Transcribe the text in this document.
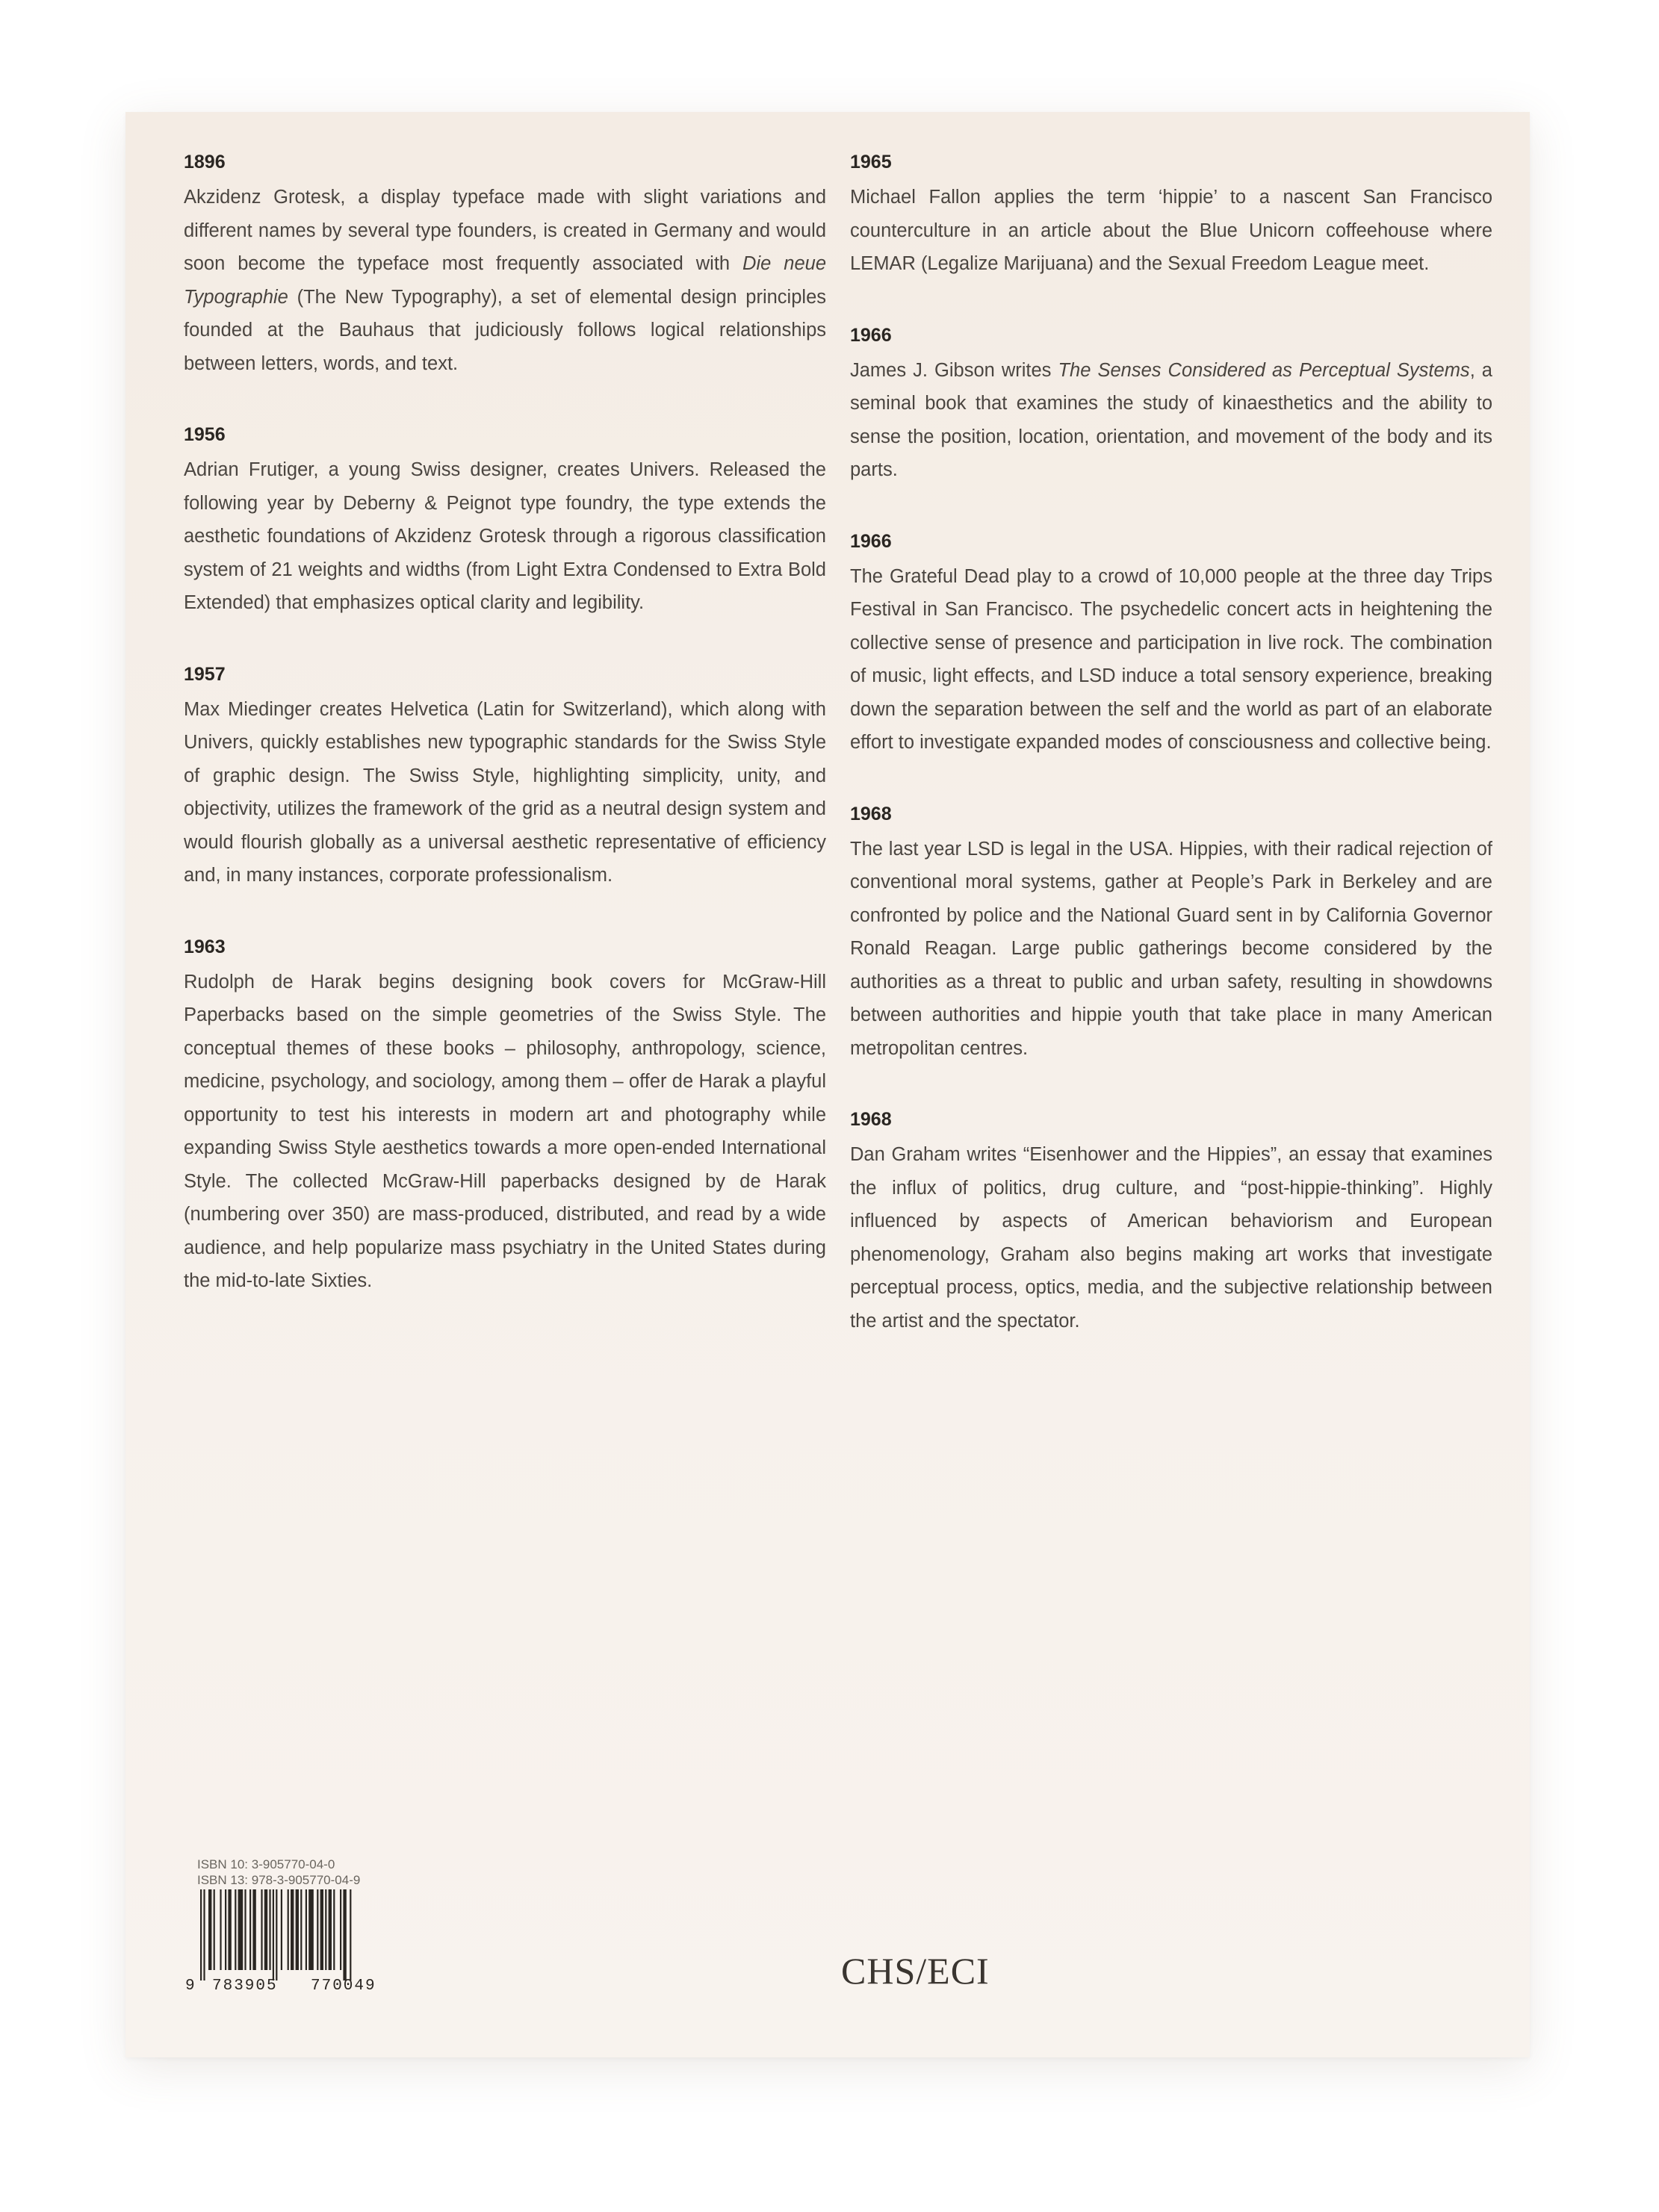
1896

Akzidenz Grotesk, a display typeface made with slight variations and different names by several type founders, is created in Germany and would soon become the typeface most frequently associated with Die neue Typographie (The New Typography), a set of elemental design principles founded at the Bauhaus that judiciously follows logical relationships between letters, words, and text.

1956

Adrian Frutiger, a young Swiss designer, creates Univers. Released the following year by Deberny & Peignot type foundry, the type extends the aesthetic foundations of Akzidenz Grotesk through a rigorous classification system of 21 weights and widths (from Light Extra Condensed to Extra Bold Extended) that emphasizes optical clarity and legibility.

1957

Max Miedinger creates Helvetica (Latin for Switzerland), which along with Univers, quickly establishes new typographic standards for the Swiss Style of graphic design. The Swiss Style, highlighting simplicity, unity, and objectivity, utilizes the framework of the grid as a neutral design system and would flourish globally as a universal aesthetic representative of efficiency and, in many instances, corporate professionalism.

1963

Rudolph de Harak begins designing book covers for McGraw-Hill Paperbacks based on the simple geometries of the Swiss Style. The conceptual themes of these books – philosophy, anthropology, science, medicine, psychology, and sociology, among them – offer de Harak a playful opportunity to test his interests in modern art and photography while expanding Swiss Style aesthetics towards a more open-ended International Style. The collected McGraw-Hill paperbacks designed by de Harak (numbering over 350) are mass-produced, distributed, and read by a wide audience, and help popularize mass psychiatry in the United States during the mid-to-late Sixties.

1965

Michael Fallon applies the term ‘hippie’ to a nascent San Francisco counterculture in an article about the Blue Unicorn coffeehouse where LEMAR (Legalize Marijuana) and the Sexual Freedom League meet.

1966

James J. Gibson writes The Senses Considered as Perceptual Systems, a seminal book that examines the study of kinaesthetics and the ability to sense the position, location, orientation, and movement of the body and its parts.

1966

The Grateful Dead play to a crowd of 10,000 people at the three day Trips Festival in San Francisco. The psychedelic concert acts in heightening the collective sense of presence and participation in live rock. The combination of music, light effects, and LSD induce a total sensory experience, breaking down the separation between the self and the world as part of an elaborate effort to investigate expanded modes of consciousness and collective being.

1968

The last year LSD is legal in the USA. Hippies, with their radical rejection of conventional moral systems, gather at People’s Park in Berkeley and are confronted by police and the National Guard sent in by California Governor Ronald Reagan. Large public gatherings become considered by the authorities as a threat to public and urban safety, resulting in showdowns between authorities and hippie youth that take place in many American metropolitan centres.

1968

Dan Graham writes “Eisenhower and the Hippies”, an essay that examines the influx of politics, drug culture, and “post-hippie-thinking”. Highly influenced by aspects of American behaviorism and European phenomenology, Graham also begins making art works that investigate perceptual process, optics, media, and the subjective relationship between the artist and the spectator.

ISBN 10: 3-905770-04-0
ISBN 13: 978-3-905770-04-9
9 783905 770049	CHS/ECI
